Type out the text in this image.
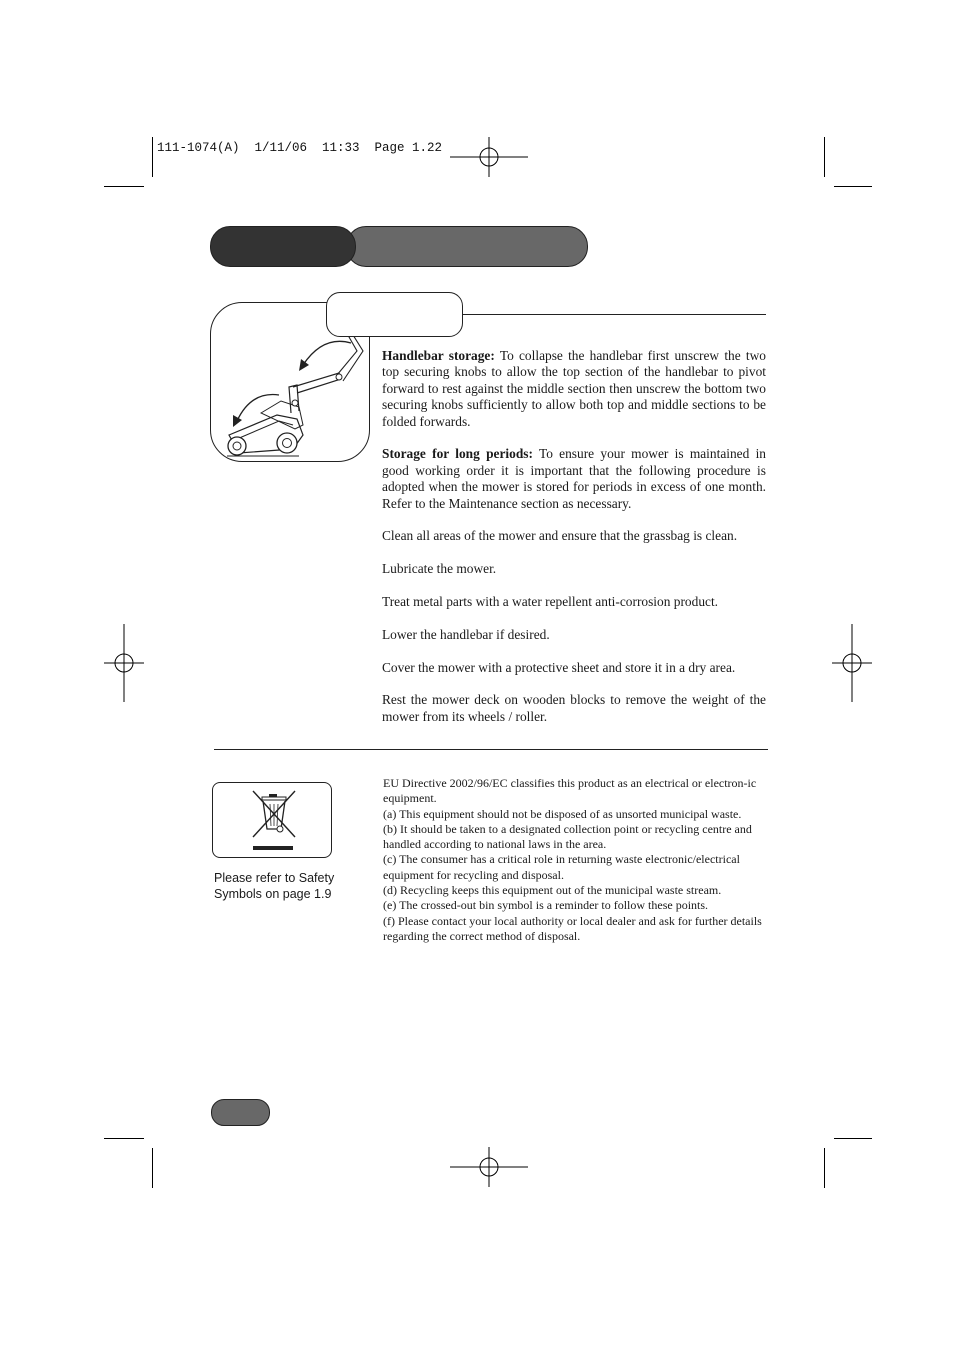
111-1074(A)  1/11/06  11:33  Page 1.22

Handlebar storage: To collapse the handlebar first unscrew the two top securing knobs to allow the top section of the handlebar to pivot forward to rest against the middle section then unscrew the bottom two securing knobs sufficiently to allow both top and middle sections to be folded forwards.

Storage for long periods: To ensure your mower is maintained in good working order it is important that the following procedure is adopted when the mower is stored for periods in excess of one month. Refer to the Maintenance section as necessary.

Clean all areas of the mower and ensure that the grassbag is clean.

Lubricate the mower.

Treat metal parts with a water repellent anti-corrosion product.

Lower the handlebar if desired.

Cover the mower with a protective sheet and store it in a dry area.

Rest the mower deck on wooden blocks to remove the weight of the mower from its wheels / roller.

Please refer to Safety Symbols on page 1.9
EU Directive 2002/96/EC classifies this product as an electrical or electron-ic equipment.
(a) This equipment should not be disposed of as unsorted municipal waste.
(b) It should be taken to a designated collection point or recycling centre and handled according to national laws in the area.
(c) The consumer has a critical role in returning waste electronic/electrical equipment for recycling and disposal.
(d) Recycling keeps this equipment out of the municipal waste stream.
(e) The crossed-out bin symbol is a reminder to follow these points.
(f) Please contact your local authority or local dealer and ask for further details regarding the correct method of disposal.
